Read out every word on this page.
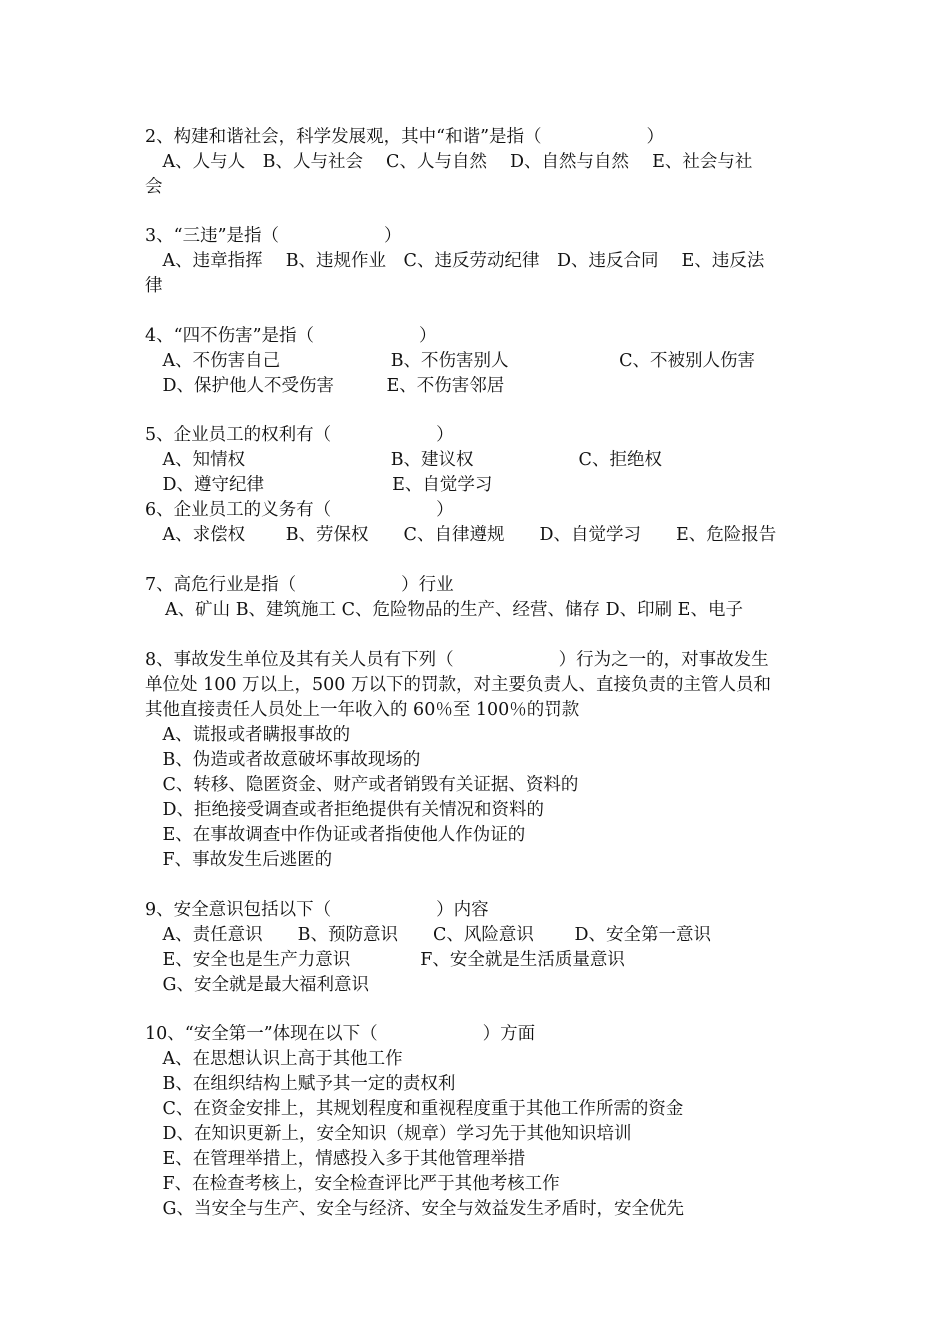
2、构建和谐社会，科学发展观，其中“和谐”是指（　　　　　　）
　A、人与人　B、人与社会　 C、人与自然　 D、自然与自然　 E、社会与社
会
3、“三违”是指（　　　　　　）
　A、违章指挥　 B、违规作业　C、违反劳动纪律　D、违反合同　 E、违反法
律
4、“四不伤害”是指（　　　　　　）
　A、不伤害自己　　　　　　 B、不伤害别人　　　　　　 C、不被别人伤害
　D、保护他人不受伤害　　　E、不伤害邻居
5、企业员工的权利有（　　　　　　）
　A、知情权　　　　　　　　 B、建议权　　　　　　C、拒绝权
　D、遵守纪律　　　　　　　 E、自觉学习
6、企业员工的义务有（　　　　　　）
　A、求偿权　　 B、劳保权　　C、自律遵规　　D、自觉学习　　E、危险报告
7、高危行业是指（　　　　　　）行业
A、矿山 B、建筑施工 C、危险物品的生产、经营、储存 D、印刷 E、电子
8、事故发生单位及其有关人员有下列（　　　　　　）行为之一的，对事故发生
单位处 100 万以上，500 万以下的罚款，对主要负责人、直接负责的主管人员和
其他直接责任人员处上一年收入的 60％至 100％的罚款
　A、谎报或者瞒报事故的
　B、伪造或者故意破坏事故现场的
　C、转移、隐匿资金、财产或者销毁有关证据、资料的
　D、拒绝接受调查或者拒绝提供有关情况和资料的
　E、在事故调查中作伪证或者指使他人作伪证的
　F、事故发生后逃匿的
9、安全意识包括以下（　　　　　　）内容
　A、责任意识　　B、预防意识　　C、风险意识　　 D、安全第一意识
　E、安全也是生产力意识　　　　F、安全就是生活质量意识
　G、安全就是最大福利意识
10、“安全第一”体现在以下（　　　　　　）方面
　A、在思想认识上高于其他工作
　B、在组织结构上赋予其一定的责权利
　C、在资金安排上，其规划程度和重视程度重于其他工作所需的资金
　D、在知识更新上，安全知识（规章）学习先于其他知识培训
　E、在管理举措上，情感投入多于其他管理举措
　F、在检查考核上，安全检查评比严于其他考核工作
　G、当安全与生产、安全与经济、安全与效益发生矛盾时，安全优先
